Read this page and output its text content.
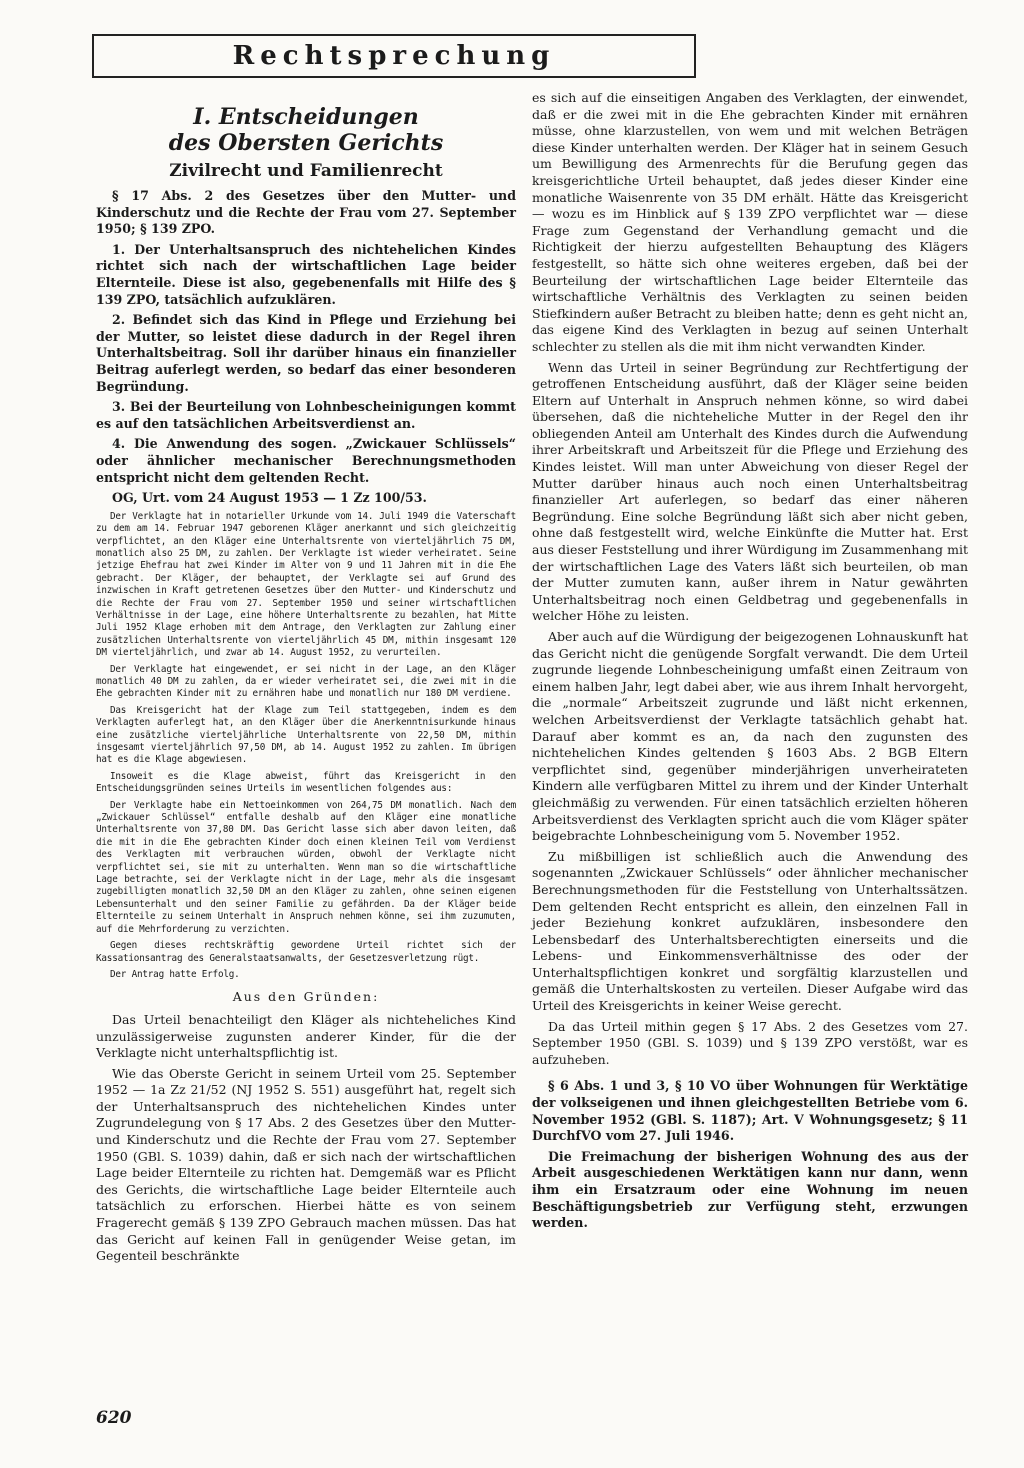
Rechtsprechung
I. Entscheidungen
des Obersten Gerichts
Zivilrecht und Familienrecht

§ 17 Abs. 2 des Gesetzes über den Mutter- und Kinderschutz und die Rechte der Frau vom 27. September 1950; § 139 ZPO.

1. Der Unterhaltsanspruch des nichtehelichen Kindes richtet sich nach der wirtschaftlichen Lage beider Elternteile. Diese ist also, gegebenenfalls mit Hilfe des § 139 ZPO, tatsächlich aufzuklären.

2. Befindet sich das Kind in Pflege und Erziehung bei der Mutter, so leistet diese dadurch in der Regel ihren Unterhaltsbeitrag. Soll ihr darüber hinaus ein finanzieller Beitrag auferlegt werden, so bedarf das einer besonderen Begründung.

3. Bei der Beurteilung von Lohnbescheinigungen kommt es auf den tatsächlichen Arbeitsverdienst an.

4. Die Anwendung des sogen. „Zwickauer Schlüssels“ oder ähnlicher mechanischer Berechnungsmethoden entspricht nicht dem geltenden Recht.

OG, Urt. vom 24 August 1953 — 1 Zz 100/53.

Der Verklagte hat in notarieller Urkunde vom 14. Juli 1949 die Vaterschaft zu dem am 14. Februar 1947 geborenen Kläger anerkannt und sich gleichzeitig verpflichtet, an den Kläger eine Unterhaltsrente von vierteljährlich 75 DM, monatlich also 25 DM, zu zahlen. Der Verklagte ist wieder verheiratet. Seine jetzige Ehefrau hat zwei Kinder im Alter von 9 und 11 Jahren mit in die Ehe gebracht. Der Kläger, der behauptet, der Verklagte sei auf Grund des inzwischen in Kraft getretenen Gesetzes über den Mutter- und Kinderschutz und die Rechte der Frau vom 27. September 1950 und seiner wirtschaftlichen Verhältnisse in der Lage, eine höhere Unterhaltsrente zu bezahlen, hat Mitte Juli 1952 Klage erhoben mit dem Antrage, den Verklagten zur Zahlung einer zusätzlichen Unterhaltsrente von vierteljährlich 45 DM, mithin insgesamt 120 DM vierteljährlich, und zwar ab 14. August 1952, zu verurteilen.

Der Verklagte hat eingewendet, er sei nicht in der Lage, an den Kläger monatlich 40 DM zu zahlen, da er wieder verheiratet sei, die zwei mit in die Ehe gebrachten Kinder mit zu ernähren habe und monatlich nur 180 DM verdiene.

Das Kreisgericht hat der Klage zum Teil stattgegeben, indem es dem Verklagten auferlegt hat, an den Kläger über die Anerkenntnisurkunde hinaus eine zusätzliche vierteljährliche Unterhaltsrente von 22,50 DM, mithin insgesamt vierteljährlich 97,50 DM, ab 14. August 1952 zu zahlen. Im übrigen hat es die Klage abgewiesen.

Insoweit es die Klage abweist, führt das Kreisgericht in den Entscheidungsgründen seines Urteils im wesentlichen folgendes aus:

Der Verklagte habe ein Nettoeinkommen von 264,75 DM monatlich. Nach dem „Zwickauer Schlüssel“ entfalle deshalb auf den Kläger eine monatliche Unterhaltsrente von 37,80 DM. Das Gericht lasse sich aber davon leiten, daß die mit in die Ehe gebrachten Kinder doch einen kleinen Teil vom Verdienst des Verklagten mit verbrauchen würden, obwohl der Verklagte nicht verpflichtet sei, sie mit zu unterhalten. Wenn man so die wirtschaftliche Lage betrachte, sei der Verklagte nicht in der Lage, mehr als die insgesamt zugebilligten monatlich 32,50 DM an den Kläger zu zahlen, ohne seinen eigenen Lebensunterhalt und den seiner Familie zu gefährden. Da der Kläger beide Elternteile zu seinem Unterhalt in Anspruch nehmen könne, sei ihm zuzumuten, auf die Mehrforderung zu verzichten.

Gegen dieses rechtskräftig gewordene Urteil richtet sich der Kassationsantrag des Generalstaatsanwalts, der Gesetzesverletzung rügt.

Der Antrag hatte Erfolg.

Aus den Gründen:

Das Urteil benachteiligt den Kläger als nichteheliches Kind unzulässigerweise zugunsten anderer Kinder, für die der Verklagte nicht unterhaltspflichtig ist.

Wie das Oberste Gericht in seinem Urteil vom 25. September 1952 — 1a Zz 21/52 (NJ 1952 S. 551) ausgeführt hat, regelt sich der Unterhaltsanspruch des nichtehelichen Kindes unter Zugrundelegung von § 17 Abs. 2 des Gesetzes über den Mutter- und Kinderschutz und die Rechte der Frau vom 27. September 1950 (GBl. S. 1039) dahin, daß er sich nach der wirtschaftlichen Lage beider Elternteile zu richten hat. Demgemäß war es Pflicht des Gerichts, die wirtschaftliche Lage beider Elternteile auch tatsächlich zu erforschen. Hierbei hätte es von seinem Fragerecht gemäß § 139 ZPO Gebrauch machen müssen. Das hat das Gericht auf keinen Fall in genügender Weise getan, im Gegenteil beschränkte

es sich auf die einseitigen Angaben des Verklagten, der einwendet, daß er die zwei mit in die Ehe gebrachten Kinder mit ernähren müsse, ohne klarzustellen, von wem und mit welchen Beträgen diese Kinder unterhalten werden. Der Kläger hat in seinem Gesuch um Bewilligung des Armenrechts für die Berufung gegen das kreisgerichtliche Urteil behauptet, daß jedes dieser Kinder eine monatliche Waisenrente von 35 DM erhält. Hätte das Kreisgericht — wozu es im Hinblick auf § 139 ZPO verpflichtet war — diese Frage zum Gegenstand der Verhandlung gemacht und die Richtigkeit der hierzu aufgestellten Behauptung des Klägers festgestellt, so hätte sich ohne weiteres ergeben, daß bei der Beurteilung der wirtschaftlichen Lage beider Elternteile das wirtschaftliche Verhältnis des Verklagten zu seinen beiden Stiefkindern außer Betracht zu bleiben hatte; denn es geht nicht an, das eigene Kind des Verklagten in bezug auf seinen Unterhalt schlechter zu stellen als die mit ihm nicht verwandten Kinder.

Wenn das Urteil in seiner Begründung zur Rechtfertigung der getroffenen Entscheidung ausführt, daß der Kläger seine beiden Eltern auf Unterhalt in Anspruch nehmen könne, so wird dabei übersehen, daß die nichteheliche Mutter in der Regel den ihr obliegenden Anteil am Unterhalt des Kindes durch die Aufwendung ihrer Arbeitskraft und Arbeitszeit für die Pflege und Erziehung des Kindes leistet. Will man unter Abweichung von dieser Regel der Mutter darüber hinaus auch noch einen Unterhaltsbeitrag finanzieller Art auferlegen, so bedarf das einer näheren Begründung. Eine solche Begründung läßt sich aber nicht geben, ohne daß festgestellt wird, welche Einkünfte die Mutter hat. Erst aus dieser Feststellung und ihrer Würdigung im Zusammenhang mit der wirtschaftlichen Lage des Vaters läßt sich beurteilen, ob man der Mutter zumuten kann, außer ihrem in Natur gewährten Unterhaltsbeitrag noch einen Geldbetrag und gegebenenfalls in welcher Höhe zu leisten.

Aber auch auf die Würdigung der beigezogenen Lohnauskunft hat das Gericht nicht die genügende Sorgfalt verwandt. Die dem Urteil zugrunde liegende Lohnbescheinigung umfaßt einen Zeitraum von einem halben Jahr, legt dabei aber, wie aus ihrem Inhalt hervorgeht, die „normale“ Arbeitszeit zugrunde und läßt nicht erkennen, welchen Arbeitsverdienst der Verklagte tatsächlich gehabt hat. Darauf aber kommt es an, da nach den zugunsten des nichtehelichen Kindes geltenden § 1603 Abs. 2 BGB Eltern verpflichtet sind, gegenüber minderjährigen unverheirateten Kindern alle verfügbaren Mittel zu ihrem und der Kinder Unterhalt gleichmäßig zu verwenden. Für einen tatsächlich erzielten höheren Arbeitsverdienst des Verklagten spricht auch die vom Kläger später beigebrachte Lohnbescheinigung vom 5. November 1952.

Zu mißbilligen ist schließlich auch die Anwendung des sogenannten „Zwickauer Schlüssels“ oder ähnlicher mechanischer Berechnungsmethoden für die Feststellung von Unterhaltssätzen. Dem geltenden Recht entspricht es allein, den einzelnen Fall in jeder Beziehung konkret aufzuklären, insbesondere den Lebensbedarf des Unterhaltsberechtigten einerseits und die Lebens- und Einkommensverhältnisse des oder der Unterhaltspflichtigen konkret und sorgfältig klarzustellen und gemäß die Unterhaltskosten zu verteilen. Dieser Aufgabe wird das Urteil des Kreisgerichts in keiner Weise gerecht.

Da das Urteil mithin gegen § 17 Abs. 2 des Gesetzes vom 27. September 1950 (GBl. S. 1039) und § 139 ZPO verstößt, war es aufzuheben.

§ 6 Abs. 1 und 3, § 10 VO über Wohnungen für Werktätige der volkseigenen und ihnen gleichgestellten Betriebe vom 6. November 1952 (GBl. S. 1187); Art. V Wohnungsgesetz; § 11 DurchfVO vom 27. Juli 1946.

Die Freimachung der bisherigen Wohnung des aus der Arbeit ausgeschiedenen Werktätigen kann nur dann, wenn ihm ein Ersatzraum oder eine Wohnung im neuen Beschäftigungsbetrieb zur Verfügung steht, erzwungen werden.

620
